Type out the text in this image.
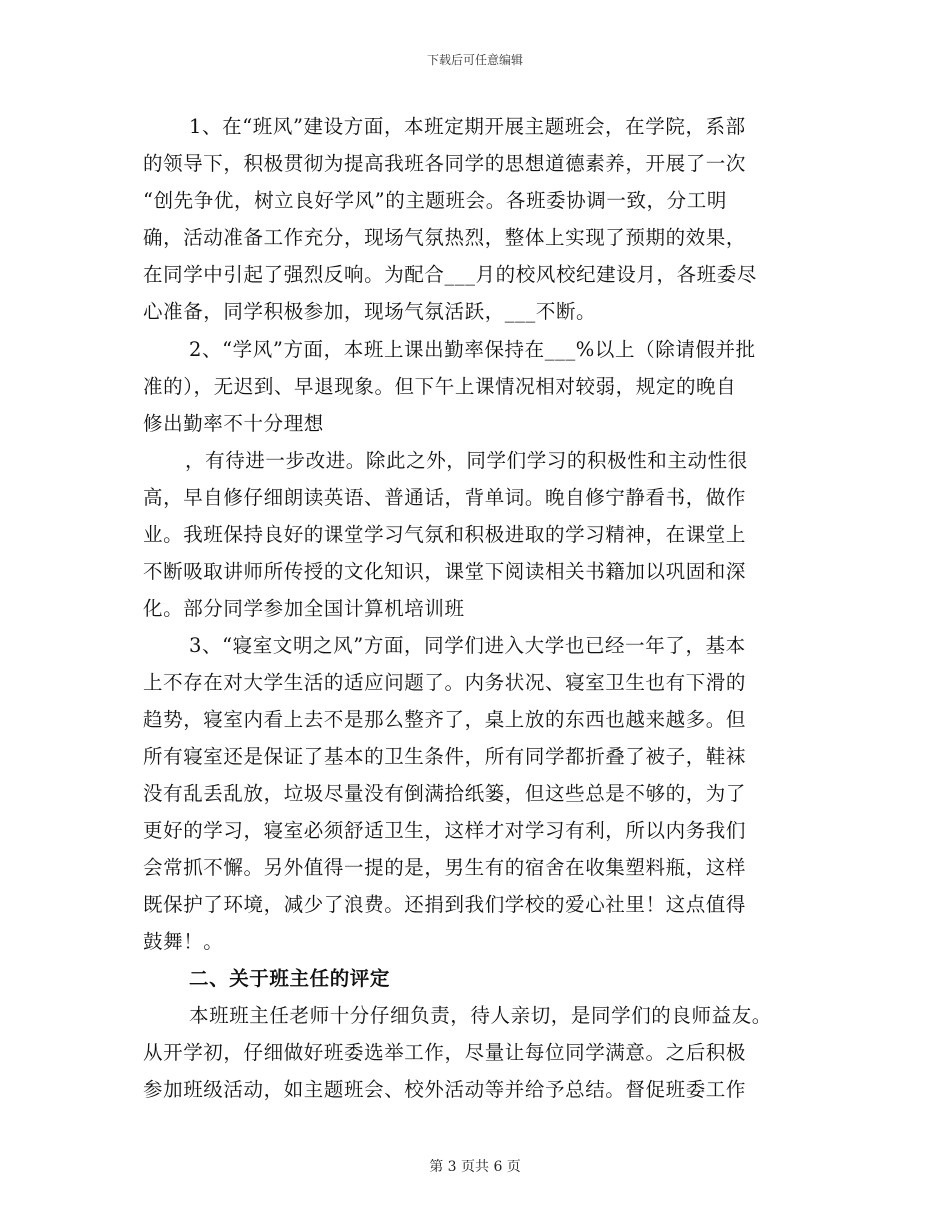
下载后可任意编辑
1、在“班风”建设方面，本班定期开展主题班会，在学院，系部
的领导下，积极贯彻为提高我班各同学的思想道德素养，开展了一次
“创先争优，树立良好学风”的主题班会。各班委协调一致，分工明
确，活动准备工作充分，现场气氛热烈，整体上实现了预期的效果，
在同学中引起了强烈反响。为配合___月的校风校纪建设月，各班委尽
心准备，同学积极参加，现场气氛活跃，___不断。
2、“学风”方面，本班上课出勤率保持在___%以上（除请假并批
准的），无迟到、早退现象。但下午上课情况相对较弱，规定的晚自
修出勤率不十分理想
，有待进一步改进。除此之外，同学们学习的积极性和主动性很
高，早自修仔细朗读英语、普通话，背单词。晚自修宁静看书，做作
业。我班保持良好的课堂学习气氛和积极进取的学习精神，在课堂上
不断吸取讲师所传授的文化知识，课堂下阅读相关书籍加以巩固和深
化。部分同学参加全国计算机培训班
3、“寝室文明之风”方面，同学们进入大学也已经一年了，基本
上不存在对大学生活的适应问题了。内务状况、寝室卫生也有下滑的
趋势，寝室内看上去不是那么整齐了，桌上放的东西也越来越多。但
所有寝室还是保证了基本的卫生条件，所有同学都折叠了被子，鞋袜
没有乱丢乱放，垃圾尽量没有倒满拾纸篓，但这些总是不够的，为了
更好的学习，寝室必须舒适卫生，这样才对学习有利，所以内务我们
会常抓不懈。另外值得一提的是，男生有的宿舍在收集塑料瓶，这样
既保护了环境，减少了浪费。还捐到我们学校的爱心社里！这点值得
鼓舞！。
二、关于班主任的评定
本班班主任老师十分仔细负责，待人亲切，是同学们的良师益友。
从开学初，仔细做好班委选举工作，尽量让每位同学满意。之后积极
参加班级活动，如主题班会、校外活动等并给予总结。督促班委工作
第 3 页共 6 页
